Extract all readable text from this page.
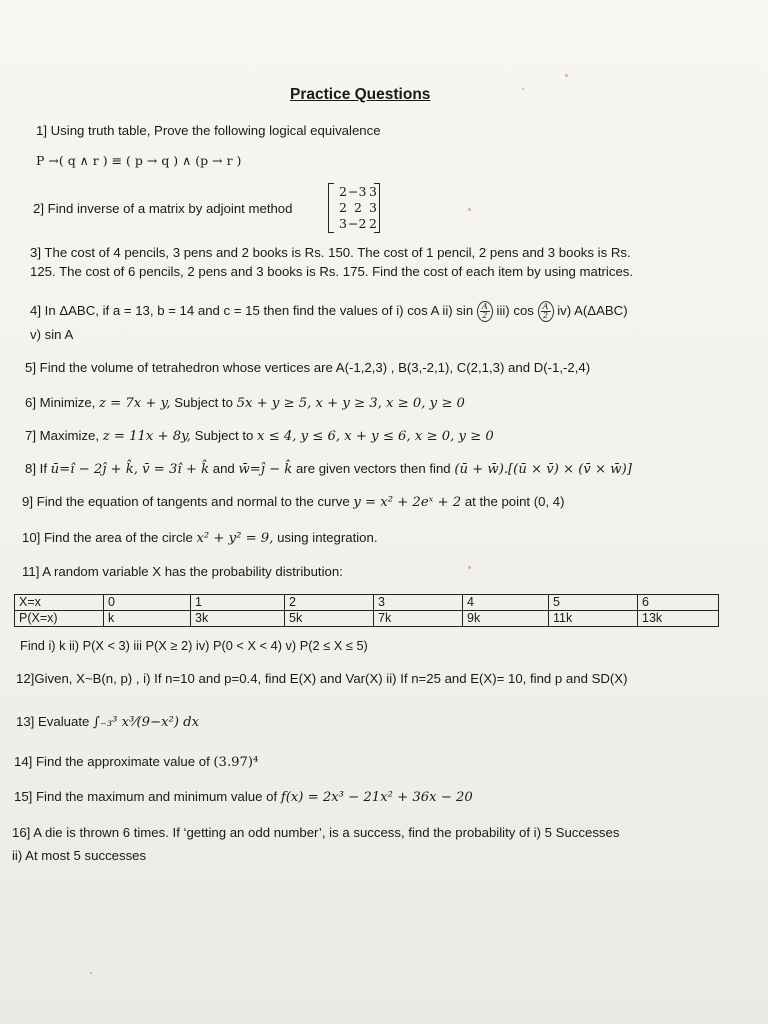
Practice Questions
1] Using truth table, Prove the following logical equivalence
P →( q ∧ r ) ≡ ( p → q ) ∧ (p → r )
2] Find inverse of a matrix by adjoint method
2 −3 3
2 2 3
3 −2 2
3] The cost of 4 pencils, 3 pens and 2 books is Rs. 150. The cost of 1 pencil, 2 pens and 3 books is Rs.
125. The cost of 6 pencils, 2 pens and 3 books is Rs. 175. Find the cost of each item by using matrices.
4] In ΔABC, if a = 13, b = 14 and c = 15 then find the values of i) cos A ii) $\sin \frac{A}{2} iii$) $\cos \frac{A}{2} iv$) A(ΔABC)
v) sin A
5] Find the volume of tetrahedron whose vertices are A(-1,2,3) , B(3,-2,1), C(2,1,3) and D(-1,-2,4)
6] Minimize, z = 7x + y, Subject to 5x + y ≥ 5, x + y ≥ 3, x ≥ 0, y ≥ 0
7] Maximize, z = 11x + 8y, Subject to x ≤ 4, y ≤ 6, x + y ≤ 6, x ≥ 0, y ≥ 0
8] If ū=î − 2ĵ + k̂, v̄ = 3î + k̂ and w̄=ĵ − k̂ are given vectors then find (ū + w̄).[(ū × v̄) × (v̄ × w̄)]
9] Find the equation of tangents and normal to the curve y = x² + 2eˣ + 2 at the point (0, 4)
10] Find the area of the circle x² + y² = 9, using integration.
11] A random variable X has the probability distribution:
X=x	0	1	2	3	4	5	6
P(X=x)	k	3k	5k	7k	9k	11k	13k
Find i) k ii) P(X < 3) iii P(X ≥ 2) iv) P(0 < X < 4) v) P(2 ≤ X ≤ 5)
12]Given, X~B(n, p) , i) If n=10 and p=0.4, find E(X) and Var(X) ii) If n=25 and E(X)= 10, find p and SD(X)
13] Evaluate ∫₋₃³ x³⁄(9−x²) dx
14] Find the approximate value of (3.97)⁴
15] Find the maximum and minimum value of f(x) = 2x³ − 21x² + 36x − 20
16] A die is thrown 6 times. If ‘getting an odd number’, is a success, find the probability of i) 5 Successes
ii) At most 5 successes
